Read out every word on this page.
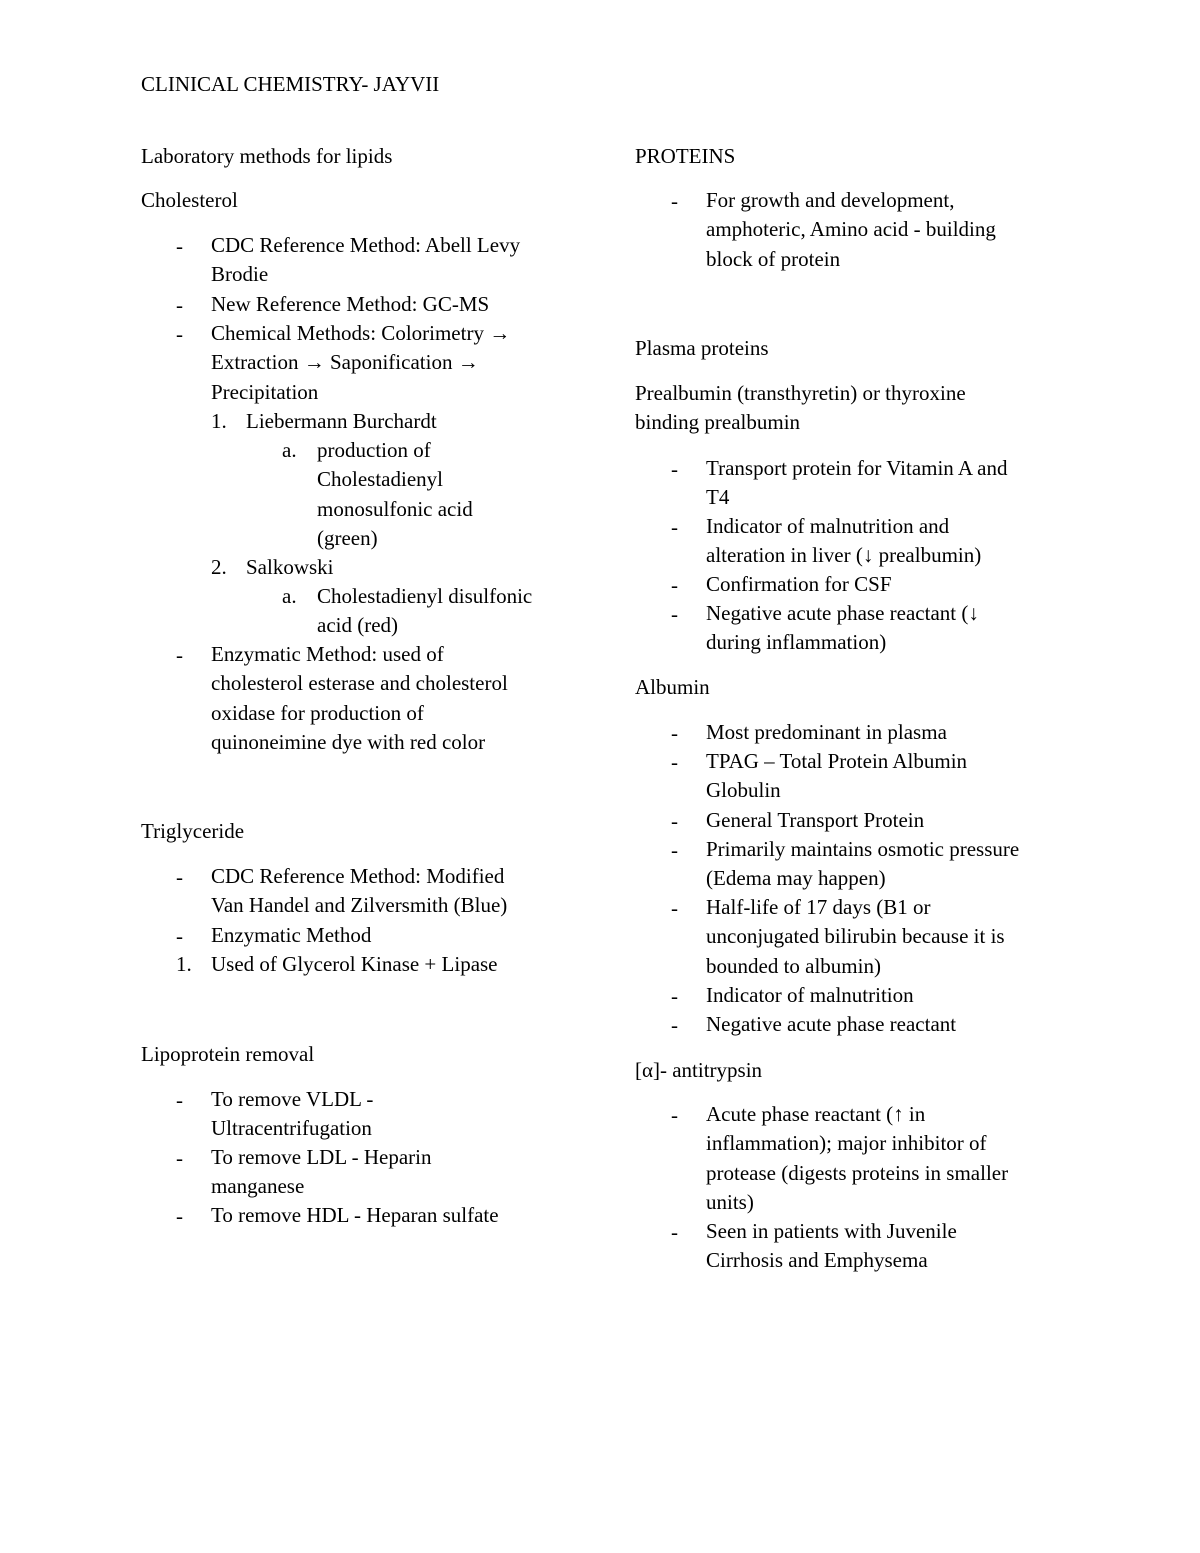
CLINICAL CHEMISTRY- JAYVII
Laboratory methods for lipids
Cholesterol
- CDC Reference Method: Abell Levy
Brodie
- New Reference Method: GC-MS
- Chemical Methods: Colorimetry →
Extraction → Saponification →
Precipitation
1. Liebermann Burchardt
a. production of
Cholestadienyl
monosulfonic acid
(green)
2. Salkowski
a. Cholestadienyl disulfonic
acid (red)
- Enzymatic Method: used of
cholesterol esterase and cholesterol
oxidase for production of
quinoneimine dye with red color
Triglyceride
- CDC Reference Method: Modified
Van Handel and Zilversmith (Blue)
- Enzymatic Method
1. Used of Glycerol Kinase + Lipase
Lipoprotein removal
- To remove VLDL -
Ultracentrifugation
- To remove LDL - Heparin
manganese
- To remove HDL - Heparan sulfate
PROTEINS
- For growth and development,
amphoteric, Amino acid - building
block of protein
Plasma proteins
Prealbumin (transthyretin) or thyroxine
binding prealbumin
- Transport protein for Vitamin A and
T4
- Indicator of malnutrition and
alteration in liver (↓ prealbumin)
- Confirmation for CSF
- Negative acute phase reactant (↓
during inflammation)
Albumin
- Most predominant in plasma
- TPAG – Total Protein Albumin
Globulin
- General Transport Protein
- Primarily maintains osmotic pressure
(Edema may happen)
- Half-life of 17 days (B1 or
unconjugated bilirubin because it is
bounded to albumin)
- Indicator of malnutrition
- Negative acute phase reactant
[α]- antitrypsin
- Acute phase reactant (↑ in
inflammation); major inhibitor of
protease (digests proteins in smaller
units)
- Seen in patients with Juvenile
Cirrhosis and Emphysema
